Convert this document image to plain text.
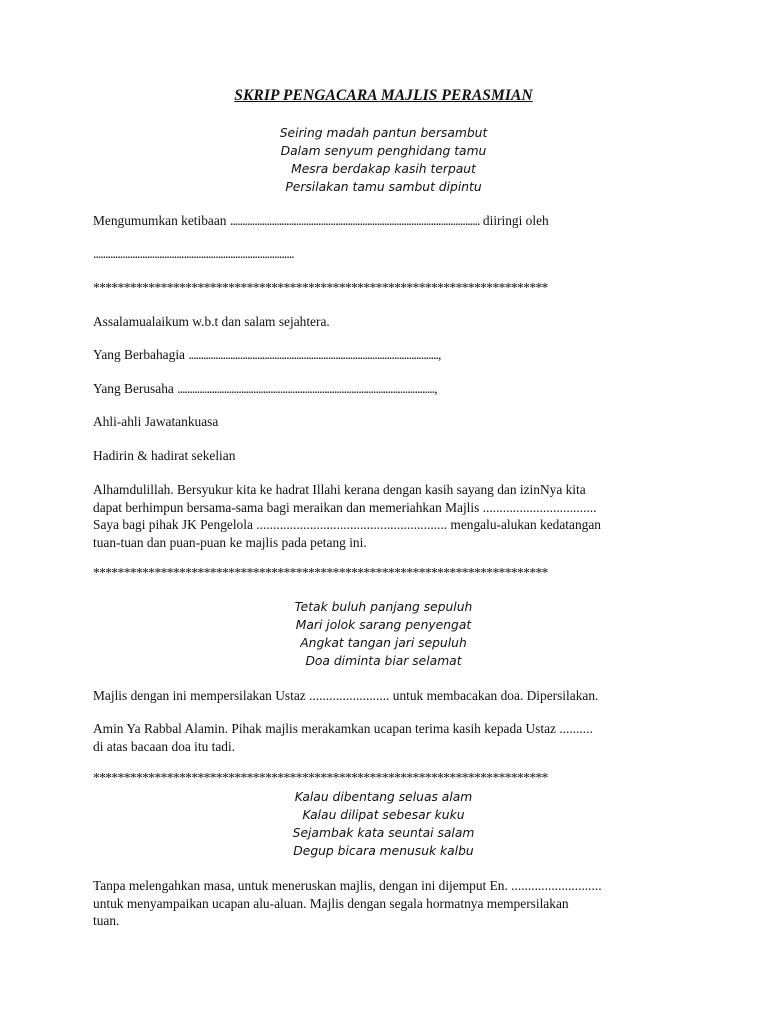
SKRIP PENGACARA MAJLIS PERASMIAN
Seiring madah pantun bersambut
Dalam senyum penghidang tamu
Mesra berdakap kasih terpaut
Persilakan tamu sambut dipintu
Mengumumkan ketibaan ...................................................................................................... diiringi oleh
..................................................................................
**************************************************************************
Assalamualaikum w.b.t dan salam sejahtera.
Yang Berbahagia ......................................................................................................,
Yang Berusaha .........................................................................................................,
Ahli-ahli Jawatankuasa
Hadirin & hadirat sekelian
Alhamdulillah. Bersyukur kita ke hadrat Illahi kerana dengan kasih sayang dan izinNya kita
dapat berhimpun bersama-sama bagi meraikan dan memeriahkan Majlis ..................................
Saya bagi pihak JK Pengelola ......................................................... mengalu-alukan kedatangan
tuan-tuan dan puan-puan ke majlis pada petang ini.
**************************************************************************
Tetak buluh panjang sepuluh
Mari jolok sarang penyengat
Angkat tangan jari sepuluh
Doa diminta biar selamat
Majlis dengan ini mempersilakan Ustaz ........................ untuk membacakan doa. Dipersilakan.
Amin Ya Rabbal Alamin. Pihak majlis merakamkan ucapan terima kasih kepada Ustaz ..........
di atas bacaan doa itu tadi.
**************************************************************************
Kalau dibentang seluas alam
Kalau dilipat sebesar kuku
Sejambak kata seuntai salam
Degup bicara menusuk kalbu
Tanpa melengahkan masa, untuk meneruskan majlis, dengan ini dijemput En. ...........................
untuk menyampaikan ucapan alu-aluan. Majlis dengan segala hormatnya mempersilakan
tuan.
